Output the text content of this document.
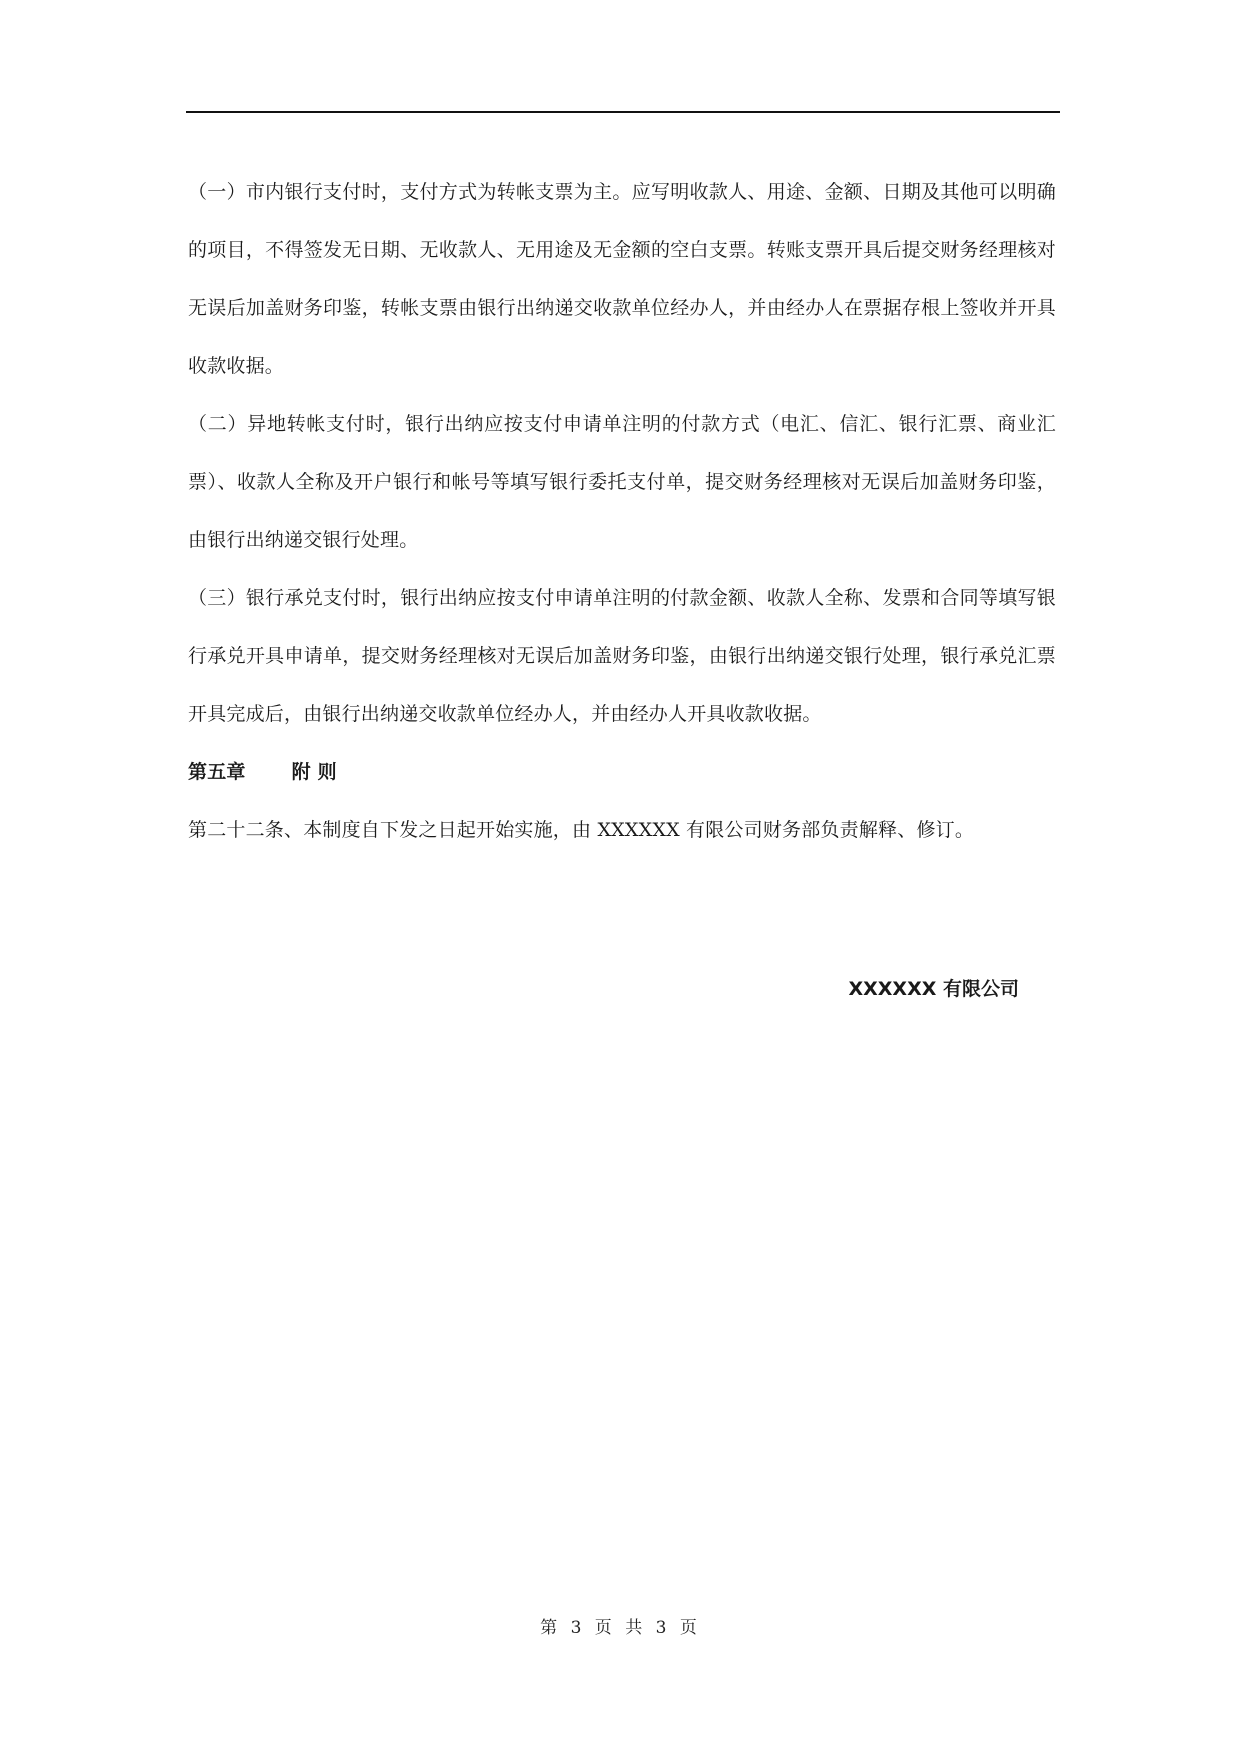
（一）市内银行支付时，支付方式为转帐支票为主。应写明收款人、用途、金额、日期及其他可以明确的项目，不得签发无日期、无收款人、无用途及无金额的空白支票。转账支票开具后提交财务经理核对无误后加盖财务印鉴，转帐支票由银行出纳递交收款单位经办人，并由经办人在票据存根上签收并开具收款收据。

（二）异地转帐支付时，银行出纳应按支付申请单注明的付款方式（电汇、信汇、银行汇票、商业汇票）、收款人全称及开户银行和帐号等填写银行委托支付单，提交财务经理核对无误后加盖财务印鉴，由银行出纳递交银行处理。

（三）银行承兑支付时，银行出纳应按支付申请单注明的付款金额、收款人全称、发票和合同等填写银行承兑开具申请单，提交财务经理核对无误后加盖财务印鉴，由银行出纳递交银行处理，银行承兑汇票开具完成后，由银行出纳递交收款单位经办人，并由经办人开具收款收据。

第五章 附 则

第二十二条、本制度自下发之日起开始实施，由 XXXXXX 有限公司财务部负责解释、修订。

XXXXXX 有限公司
第 3 页 共 3 页
